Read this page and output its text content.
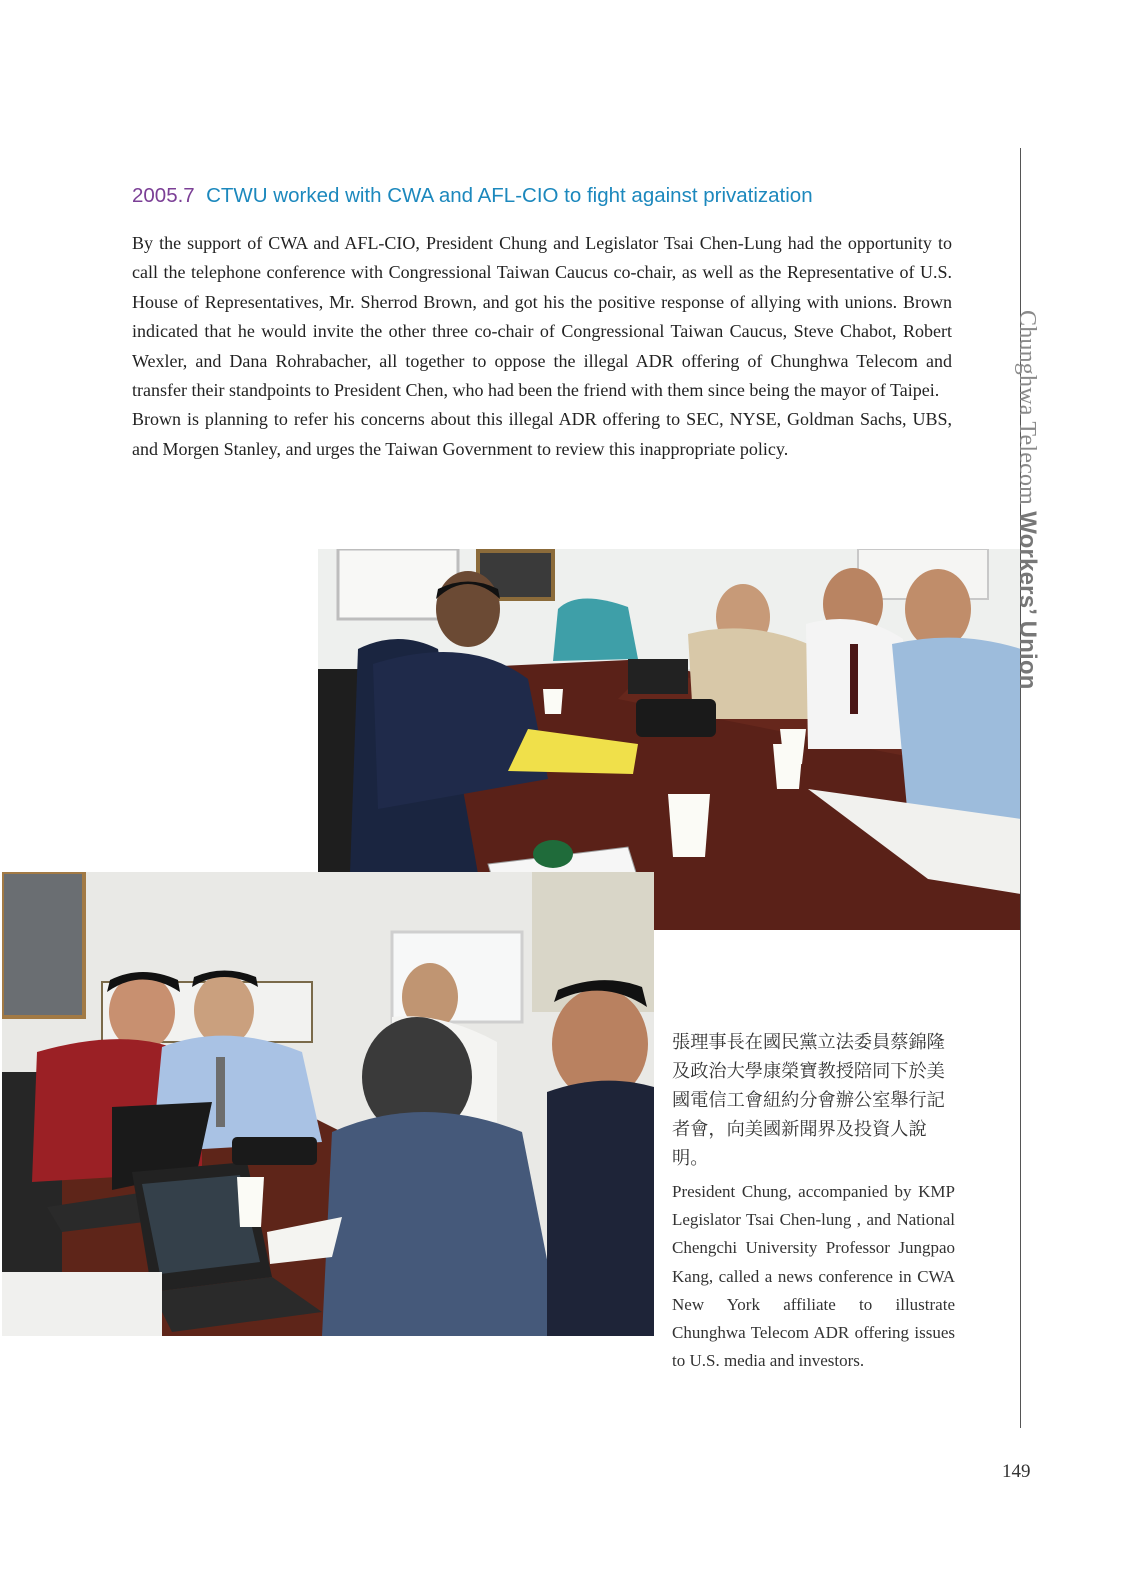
2005.7 CTWU worked with CWA and AFL-CIO to fight against privatization

By the support of CWA and AFL-CIO, President Chung and Legislator Tsai Chen-Lung had the opportunity to call the telephone conference with Congressional Taiwan Caucus co-chair, as well as the Representative of U.S. House of Representatives, Mr. Sherrod Brown, and got his the positive response of allying with unions. Brown indicated that he would invite the other three co-chair of Congressional Taiwan Caucus, Steve Chabot, Robert Wexler, and Dana Rohrabacher, all together to oppose the illegal ADR offering of Chunghwa Telecom and transfer their standpoints to President Chen, who had been the friend with them since being the mayor of Taipei.

Brown is planning to refer his concerns about this illegal ADR offering to SEC, NYSE, Goldman Sachs, UBS, and Morgen Stanley, and urges the Taiwan Government to review this inappropriate policy.

張理事長在國民黨立法委員蔡錦隆及政治大學康榮寶教授陪同下於美國電信工會紐約分會辦公室舉行記者會，向美國新聞界及投資人說明。

President Chung, accompanied by KMP Legislator Tsai Chen-lung , and National Chengchi University Professor Jungpao Kang, called a news conference in CWA New York affiliate to illustrate Chunghwa Telecom ADR offering issues to U.S. media and investors.

Chunghwa Telecom Workers’ Union
149
